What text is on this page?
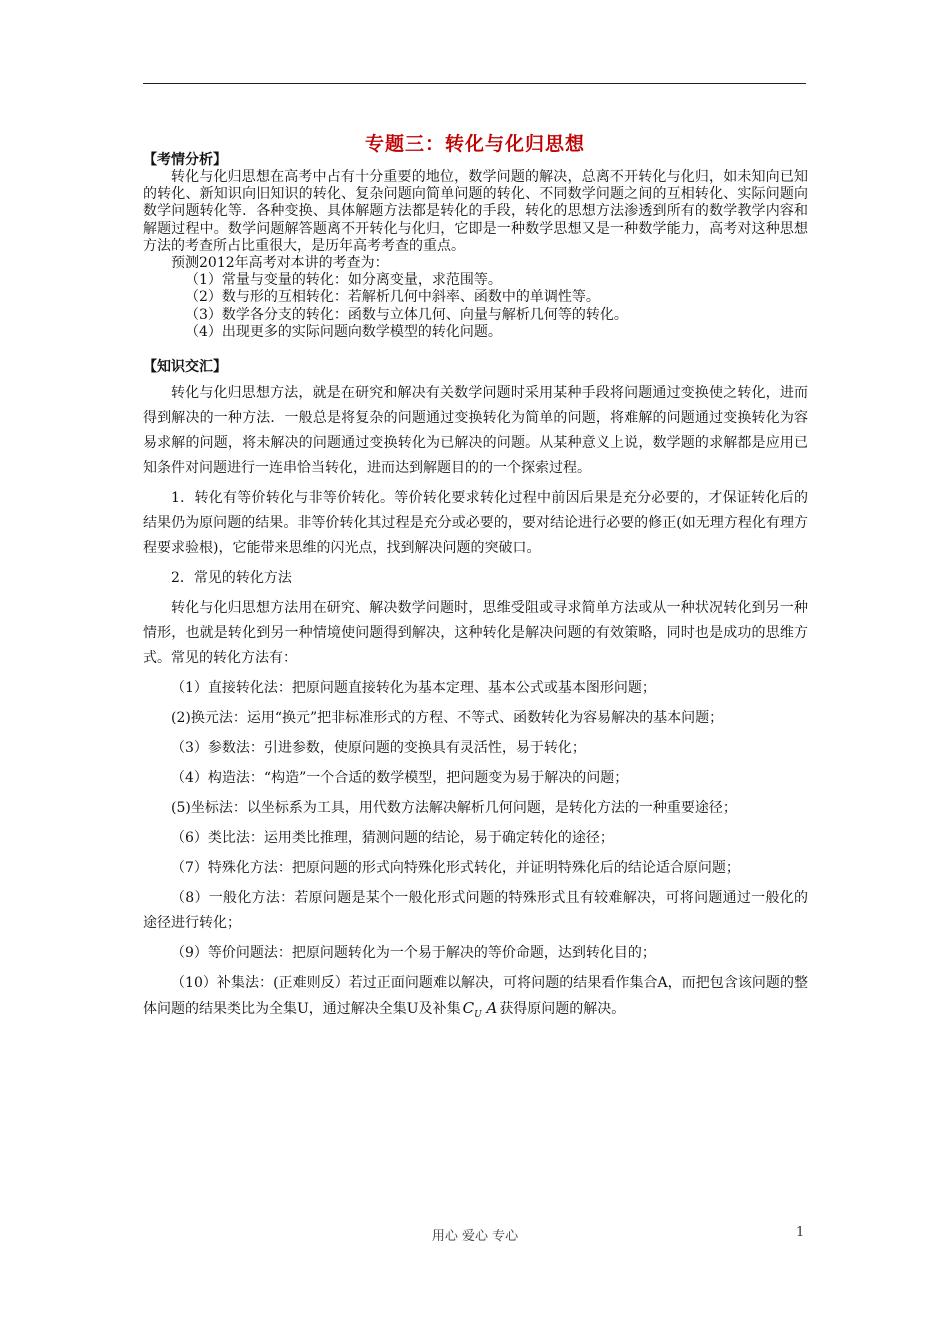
专题三：转化与化归思想
【考情分析】

转化与化归思想在高考中占有十分重要的地位，数学问题的解决，总离不开转化与化归，如未知向已知的转化、新知识向旧知识的转化、复杂问题向简单问题的转化、不同数学问题之间的互相转化、实际问题向数学问题转化等．各种变换、具体解题方法都是转化的手段，转化的思想方法渗透到所有的数学教学内容和解题过程中。数学问题解答题离不开转化与化归，它即是一种数学思想又是一种数学能力，高考对这种思想方法的考查所占比重很大，是历年高考考查的重点。

预测2012年高考对本讲的考查为：

（1）常量与变量的转化：如分离变量，求范围等。

（2）数与形的互相转化：若解析几何中斜率、函数中的单调性等。

（3）数学各分支的转化：函数与立体几何、向量与解析几何等的转化。

（4）出现更多的实际问题向数学模型的转化问题。

【知识交汇】

转化与化归思想方法，就是在研究和解决有关数学问题时采用某种手段将问题通过变换使之转化，进而得到解决的一种方法．一般总是将复杂的问题通过变换转化为简单的问题，将难解的问题通过变换转化为容易求解的问题，将未解决的问题通过变换转化为已解决的问题。从某种意义上说，数学题的求解都是应用已知条件对问题进行一连串恰当转化，进而达到解题目的的一个探索过程。

1．转化有等价转化与非等价转化。等价转化要求转化过程中前因后果是充分必要的，才保证转化后的结果仍为原问题的结果。非等价转化其过程是充分或必要的，要对结论进行必要的修正(如无理方程化有理方程要求验根)，它能带来思维的闪光点，找到解决问题的突破口。

2．常见的转化方法

转化与化归思想方法用在研究、解决数学问题时，思维受阻或寻求简单方法或从一种状况转化到另一种情形，也就是转化到另一种情境使问题得到解决，这种转化是解决问题的有效策略，同时也是成功的思维方式。常见的转化方法有：

（1）直接转化法：把原问题直接转化为基本定理、基本公式或基本图形问题；

(2)换元法：运用“换元”把非标准形式的方程、不等式、函数转化为容易解决的基本问题；

（3）参数法：引进参数，使原问题的变换具有灵活性，易于转化；

（4）构造法：“构造”一个合适的数学模型，把问题变为易于解决的问题；

(5)坐标法：以坐标系为工具，用代数方法解决解析几何问题，是转化方法的一种重要途径；

（6）类比法：运用类比推理，猜测问题的结论，易于确定转化的途径；

（7）特殊化方法：把原问题的形式向特殊化形式转化，并证明特殊化后的结论适合原问题；

（8）一般化方法：若原问题是某个一般化形式问题的特殊形式且有较难解决，可将问题通过一般化的途径进行转化；

（9）等价问题法：把原问题转化为一个易于解决的等价命题，达到转化目的；

（10）补集法：(正难则反）若过正面问题难以解决，可将问题的结果看作集合A，而把包含该问题的整体问题的结果类比为全集U，通过解决全集U及补集 $C_U$ A 获得原问题的解决。

用心 爱心 专心	1
